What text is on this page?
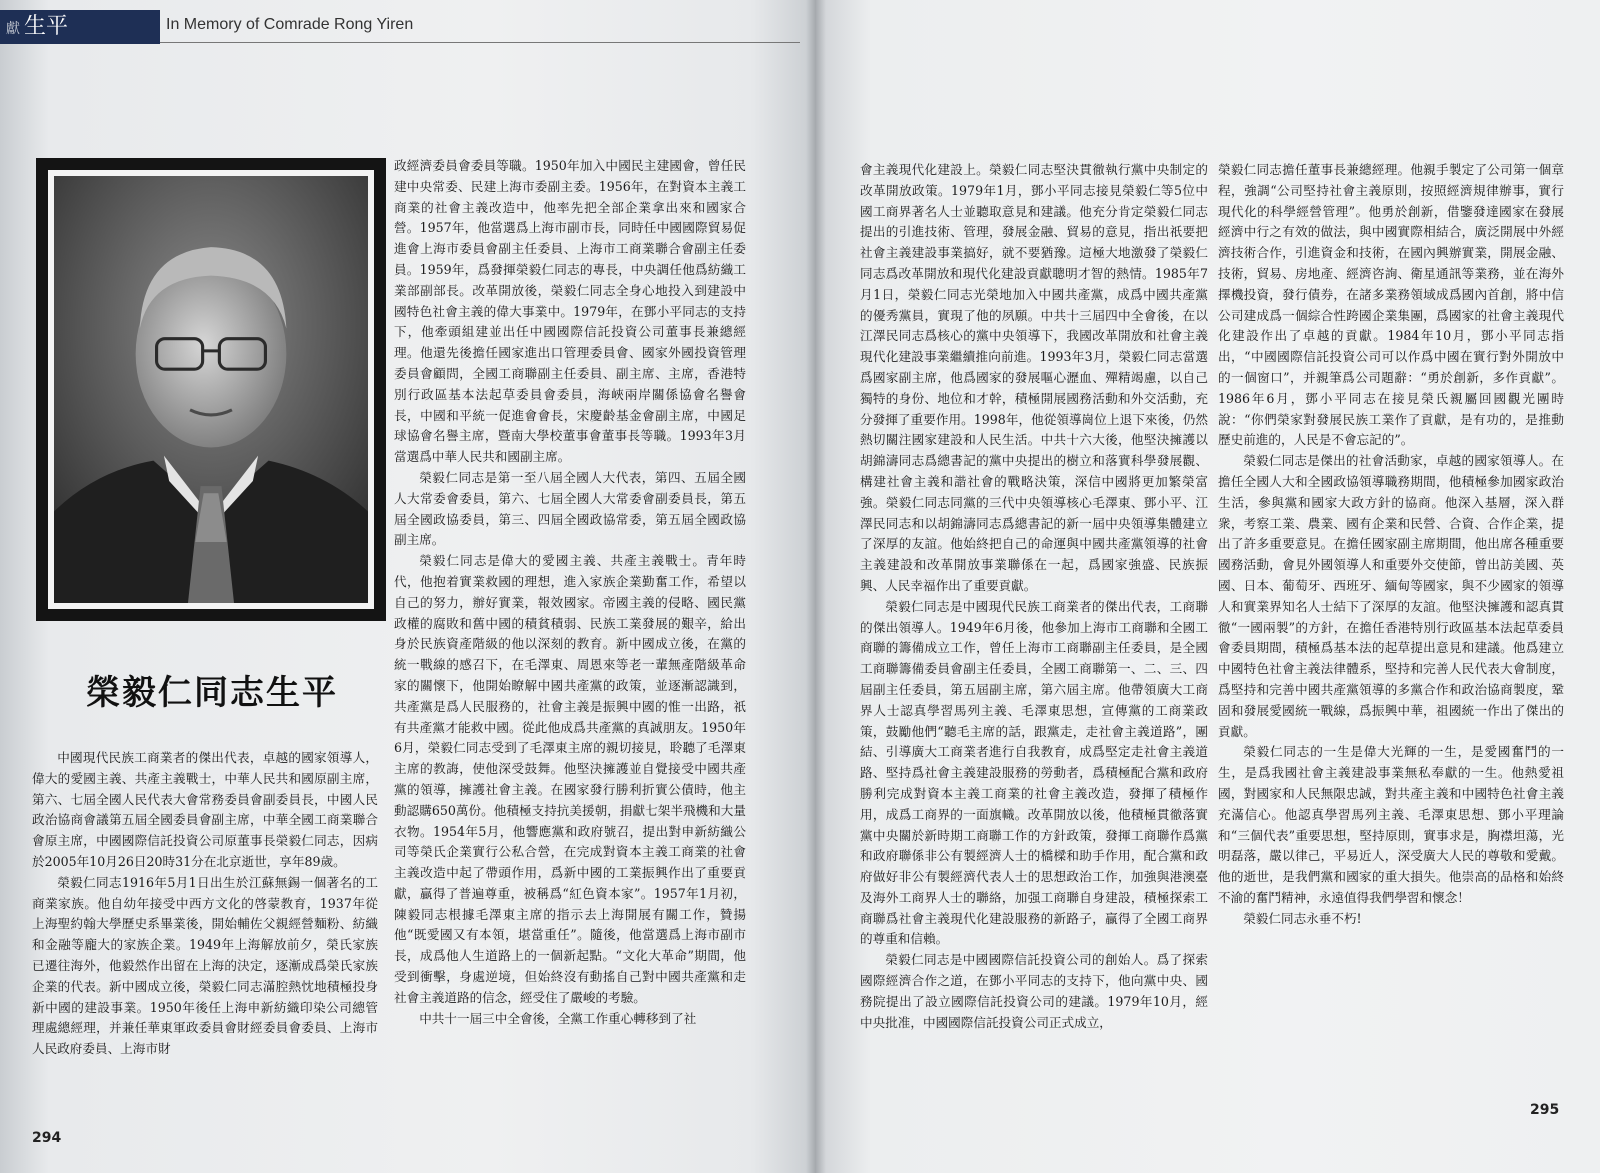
獻 生平	In Memory of Comrade Rong Yiren
榮毅仁同志生平

中國現代民族工商業者的傑出代表，卓越的國家領導人，偉大的愛國主義、共產主義戰士，中華人民共和國原副主席，第六、七屆全國人民代表大會常務委員會副委員長，中國人民政治協商會議第五屆全國委員會副主席，中華全國工商業聯合會原主席，中國國際信託投資公司原董事長榮毅仁同志，因病於2005年10月26日20時31分在北京逝世，享年89歲。

榮毅仁同志1916年5月1日出生於江蘇無錫一個著名的工商業家族。他自幼年接受中西方文化的啓蒙教育，1937年從上海聖約翰大學歷史系畢業後，開始輔佐父親經營麵粉、紡織和金融等龐大的家族企業。1949年上海解放前夕，榮氏家族已遷往海外，他毅然作出留在上海的決定，逐漸成爲榮氏家族企業的代表。新中國成立後，榮毅仁同志滿腔熱忱地積極投身新中國的建設事業。1950年後任上海申新紡織印染公司總管理處總經理，并兼任華東軍政委員會財經委員會委員、上海市人民政府委員、上海市財

政經濟委員會委員等職。1950年加入中國民主建國會，曾任民建中央常委、民建上海市委副主委。1956年，在對資本主義工商業的社會主義改造中，他率先把全部企業拿出來和國家合營。1957年，他當選爲上海市副市長，同時任中國國際貿易促進會上海市委員會副主任委員、上海市工商業聯合會副主任委員。1959年，爲發揮榮毅仁同志的專長，中央調任他爲紡織工業部副部長。改革開放後，榮毅仁同志全身心地投入到建設中國特色社會主義的偉大事業中。1979年，在鄧小平同志的支持下，他牽頭組建並出任中國國際信託投資公司董事長兼總經理。他還先後擔任國家進出口管理委員會、國家外國投資管理委員會顧問，全國工商聯副主任委員、副主席、主席，香港特別行政區基本法起草委員會委員，海峽兩岸關係協會名譽會長，中國和平統一促進會會長，宋慶齡基金會副主席，中國足球協會名譽主席，暨南大學校董事會董事長等職。1993年3月當選爲中華人民共和國副主席。

榮毅仁同志是第一至八屆全國人大代表，第四、五屆全國人大常委會委員，第六、七屆全國人大常委會副委員長，第五屆全國政協委員，第三、四屆全國政協常委，第五屆全國政協副主席。

榮毅仁同志是偉大的愛國主義、共產主義戰士。青年時代，他抱着實業救國的理想，進入家族企業勤奮工作，希望以自己的努力，辦好實業，報效國家。帝國主義的侵略、國民黨政權的腐敗和舊中國的積貧積弱、民族工業發展的艱辛，給出身於民族資產階級的他以深刻的教育。新中國成立後，在黨的統一戰線的感召下，在毛澤東、周恩來等老一輩無產階級革命家的關懷下，他開始瞭解中國共產黨的政策，並逐漸認識到，共產黨是爲人民服務的，社會主義是振興中國的惟一出路，祇有共產黨才能救中國。從此他成爲共產黨的真誠朋友。1950年6月，榮毅仁同志受到了毛澤東主席的親切接見，聆聽了毛澤東主席的教誨，使他深受鼓舞。他堅決擁護並自覺接受中國共產黨的領導，擁護社會主義。在國家發行勝利折實公債時，他主動認購650萬份。他積極支持抗美援朝，捐獻七架半飛機和大量衣物。1954年5月，他響應黨和政府號召，提出對申新紡織公司等榮氏企業實行公私合營，在完成對資本主義工商業的社會主義改造中起了帶頭作用，爲新中國的工業振興作出了重要貢獻，贏得了普遍尊重，被稱爲“紅色資本家”。1957年1月初，陳毅同志根據毛澤東主席的指示去上海開展有關工作，贊揚他“既愛國又有本領，堪當重任”。隨後，他當選爲上海市副市長，成爲他人生道路上的一個新起點。“文化大革命”期間，他受到衝擊，身處逆境，但始終沒有動搖自己對中國共產黨和走社會主義道路的信念，經受住了嚴峻的考驗。

中共十一屆三中全會後，全黨工作重心轉移到了社

294

會主義現代化建設上。榮毅仁同志堅決貫徹執行黨中央制定的改革開放政策。1979年1月，鄧小平同志接見榮毅仁等5位中國工商界著名人士並聽取意見和建議。他充分肯定榮毅仁同志提出的引進技術、管理，發展金融、貿易的意見，指出祇要把社會主義建設事業搞好，就不要猶豫。這極大地激發了榮毅仁同志爲改革開放和現代化建設貢獻聰明才智的熱情。1985年7月1日，榮毅仁同志光榮地加入中國共產黨，成爲中國共產黨的優秀黨員，實現了他的夙願。中共十三屆四中全會後，在以江澤民同志爲核心的黨中央領導下，我國改革開放和社會主義現代化建設事業繼續推向前進。1993年3月，榮毅仁同志當選爲國家副主席，他爲國家的發展嘔心瀝血、殫精竭慮，以自己獨特的身份、地位和才幹，積極開展國務活動和外交活動，充分發揮了重要作用。1998年，他從領導崗位上退下來後，仍然熱切關注國家建設和人民生活。中共十六大後，他堅決擁護以胡錦濤同志爲總書記的黨中央提出的樹立和落實科學發展觀、構建社會主義和諧社會的戰略決策，深信中國將更加繁榮富強。榮毅仁同志同黨的三代中央領導核心毛澤東、鄧小平、江澤民同志和以胡錦濤同志爲總書記的新一屆中央領導集體建立了深厚的友誼。他始終把自己的命運與中國共產黨領導的社會主義建設和改革開放事業聯係在一起，爲國家強盛、民族振興、人民幸福作出了重要貢獻。

榮毅仁同志是中國現代民族工商業者的傑出代表，工商聯的傑出領導人。1949年6月後，他參加上海市工商聯和全國工商聯的籌備成立工作，曾任上海市工商聯副主任委員，是全國工商聯籌備委員會副主任委員，全國工商聯第一、二、三、四屆副主任委員，第五屆副主席，第六屆主席。他帶領廣大工商界人士認真學習馬列主義、毛澤東思想，宣傳黨的工商業政策，鼓勵他們“聽毛主席的話，跟黨走，走社會主義道路”，團結、引導廣大工商業者進行自我教育，成爲堅定走社會主義道路、堅持爲社會主義建設服務的勞動者，爲積極配合黨和政府勝利完成對資本主義工商業的社會主義改造，發揮了積極作用，成爲工商界的一面旗幟。改革開放以後，他積極貫徹落實黨中央關於新時期工商聯工作的方針政策，發揮工商聯作爲黨和政府聯係非公有製經濟人士的橋樑和助手作用，配合黨和政府做好非公有製經濟代表人士的思想政治工作，加強與港澳臺及海外工商界人士的聯絡，加强工商聯自身建設，積極探索工商聯爲社會主義現代化建設服務的新路子，贏得了全國工商界的尊重和信賴。

榮毅仁同志是中國國際信託投資公司的創始人。爲了探索國際經濟合作之道，在鄧小平同志的支持下，他向黨中央、國務院提出了設立國際信託投資公司的建議。1979年10月，經中央批准，中國國際信託投資公司正式成立，

榮毅仁同志擔任董事長兼總經理。他親手製定了公司第一個章程，強調“公司堅持社會主義原則，按照經濟規律辦事，實行現代化的科學經營管理”。他勇於創新，借鑒發達國家在發展經濟中行之有效的做法，與中國實際相結合，廣泛開展中外經濟技術合作，引進資金和技術，在國內興辦實業，開展金融、技術，貿易、房地產、經濟咨詢、衛星通訊等業務，並在海外擇機投資，發行債券，在諸多業務領域成爲國內首創，將中信公司建成爲一個綜合性跨國企業集團，爲國家的社會主義現代化建設作出了卓越的貢獻。1984年10月，鄧小平同志指出，“中國國際信託投資公司可以作爲中國在實行對外開放中的一個窗口”，并親筆爲公司題辭：“勇於創新，多作貢獻”。1986年6月，鄧小平同志在接見榮氏親屬回國觀光團時說：“你們榮家對發展民族工業作了貢獻，是有功的，是推動歷史前進的，人民是不會忘記的”。

榮毅仁同志是傑出的社會活動家，卓越的國家領導人。在擔任全國人大和全國政協領導職務期間，他積極參加國家政治生活，參與黨和國家大政方針的協商。他深入基層，深入群衆，考察工業、農業、國有企業和民營、合資、合作企業，提出了許多重要意見。在擔任國家副主席期間，他出席各種重要國務活動，會見外國領導人和重要外交使節，曾出訪美國、英國、日本、葡萄牙、西班牙、緬甸等國家，與不少國家的領導人和實業界知名人士結下了深厚的友誼。他堅決擁護和認真貫徹“一國兩製”的方針，在擔任香港特別行政區基本法起草委員會委員期間，積極爲基本法的起草提出意見和建議。他爲建立中國特色社會主義法律體系，堅持和完善人民代表大會制度，爲堅持和完善中國共產黨領導的多黨合作和政治協商製度，鞏固和發展愛國統一戰線，爲振興中華，祖國統一作出了傑出的貢獻。

榮毅仁同志的一生是偉大光輝的一生，是愛國奮鬥的一生，是爲我國社會主義建設事業無私奉獻的一生。他熱愛祖國，對國家和人民無限忠誠，對共產主義和中國特色社會主義充滿信心。他認真學習馬列主義、毛澤東思想、鄧小平理論和“三個代表”重要思想，堅持原則，實事求是，胸襟坦蕩，光明磊落，嚴以律己，平易近人，深受廣大人民的尊敬和愛戴。他的逝世，是我們黨和國家的重大損失。他崇高的品格和始終不渝的奮鬥精神，永遠值得我們學習和懷念！

榮毅仁同志永垂不朽!

295
